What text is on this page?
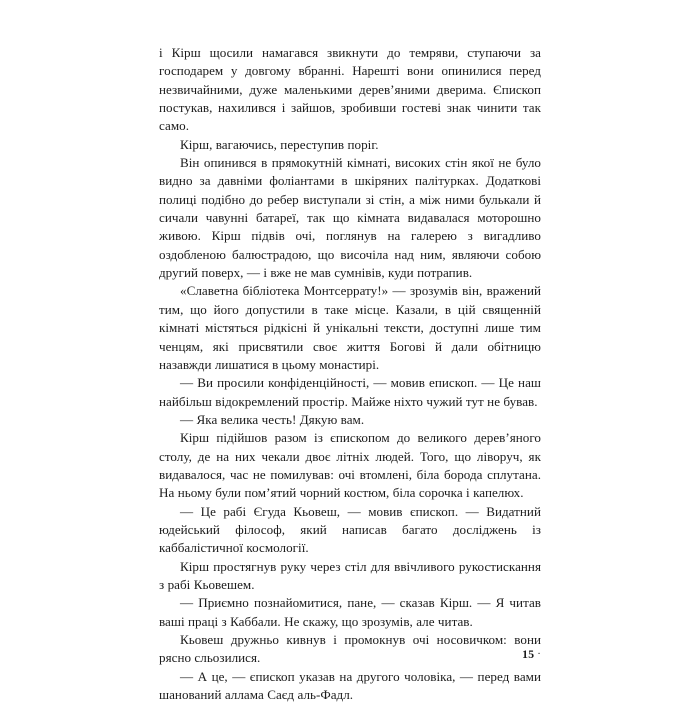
і Кірш щосили намагався звикнути до темряви, ступаючи за господарем у довгому вбранні. Нарешті вони опинилися перед незвичайними, дуже маленькими дерев’яними дверима. Єпископ постукав, нахилився і зайшов, зробивши гостеві знак чинити так само.

Кірш, вагаючись, переступив поріг.

Він опинився в прямокутній кімнаті, високих стін якої не було видно за давніми фоліантами в шкіряних палітурках. Додаткові полиці подібно до ребер виступали зі стін, а між ними булькали й сичали чавунні батареї, так що кімната видавалася моторошно живою. Кірш підвів очі, поглянув на галерею з вигадливо оздобленою балюстрадою, що височіла над ним, являючи собою другий поверх, — і вже не мав сумнівів, куди потрапив.

«Славетна бібліотека Монтсеррату!» — зрозумів він, вражений тим, що його допустили в таке місце. Казали, в цій священній кімнаті містяться рідкісні й унікальні тексти, доступні лише тим ченцям, які присвятили своє життя Богові й дали обітницю назавжди лишатися в цьому монастирі.

— Ви просили конфіденційності, — мовив епископ. — Це наш найбільш відокремлений простір. Майже ніхто чужий тут не бував.

— Яка велика честь! Дякую вам.

Кірш підійшов разом із єпископом до великого дерев’яного столу, де на них чекали двоє літніх людей. Того, що ліворуч, як видавалося, час не помилував: очі втомлені, біла борода сплутана. На ньому були пом’ятий чорний костюм, біла сорочка і капелюх.

— Це рабі Єгуда Кьовеш, — мовив єпископ. — Видатний юдейський філософ, який написав багато досліджень із каббалістичної космології.

Кірш простягнув руку через стіл для ввічливого рукостискання з рабі Кьовешем.

— Приємно познайомитися, пане, — сказав Кірш. — Я читав ваші праці з Каббали. Не скажу, що зрозумів, але читав.

Кьовеш дружньо кивнув і промокнув очі носовичком: вони рясно сльозилися.

— А це, — єпископ указав на другого чоловіка, — перед вами шанований аллама Саєд аль-Фадл.

15 ·
